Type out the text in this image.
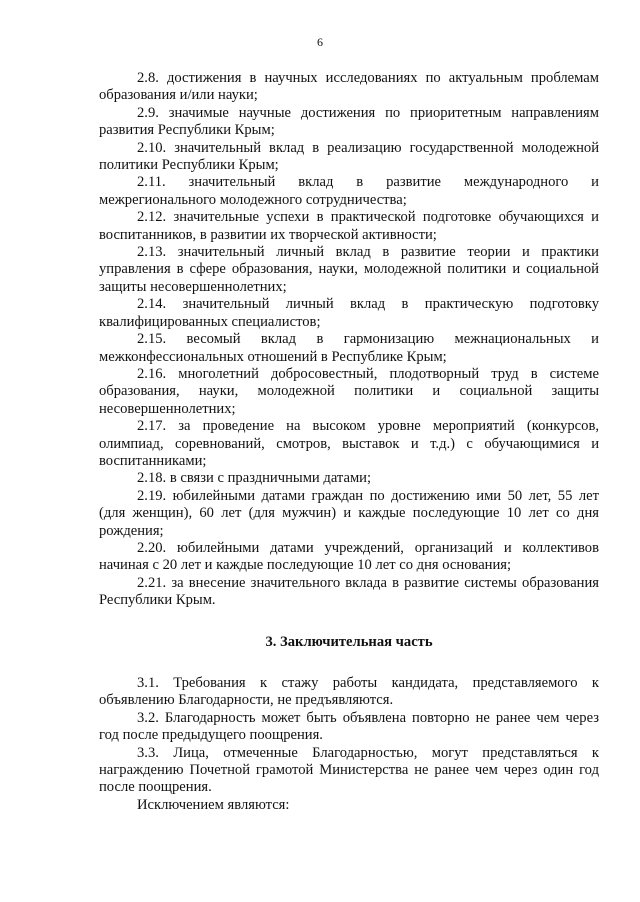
6

2.8. достижения в научных исследованиях по актуальным проблемам образования и/или науки;

2.9. значимые научные достижения по приоритетным направлениям развития Республики Крым;

2.10. значительный вклад в реализацию государственной молодежной политики Республики Крым;

2.11. значительный вклад в развитие международного и межрегионального молодежного сотрудничества;

2.12. значительные успехи в практической подготовке обучающихся и воспитанников, в развитии их творческой активности;

2.13. значительный личный вклад в развитие теории и практики управления в сфере образования, науки, молодежной политики и социальной защиты несовершеннолетних;

2.14. значительный личный вклад в практическую подготовку квалифицированных специалистов;

2.15. весомый вклад в гармонизацию межнациональных и межконфессиональных отношений в Республике Крым;

2.16. многолетний добросовестный, плодотворный труд в системе образования, науки, молодежной политики и социальной защиты несовершеннолетних;

2.17. за проведение на высоком уровне мероприятий (конкурсов, олимпиад, соревнований, смотров, выставок и т.д.) с обучающимися и воспитанниками;

2.18. в связи с праздничными датами;

2.19. юбилейными датами граждан по достижению ими 50 лет, 55 лет (для женщин), 60 лет (для мужчин) и каждые последующие 10 лет со дня рождения;

2.20. юбилейными датами учреждений, организаций и коллективов начиная с 20 лет и каждые последующие 10 лет со дня основания;

2.21. за внесение значительного вклада в развитие системы образования Республики Крым.

3. Заключительная часть

3.1. Требования к стажу работы кандидата, представляемого к объявлению Благодарности, не предъявляются.

3.2. Благодарность может быть объявлена повторно не ранее чем через год после предыдущего поощрения.

3.3. Лица, отмеченные Благодарностью, могут представляться к награждению Почетной грамотой Министерства не ранее чем через один год после поощрения.

Исключением являются:
